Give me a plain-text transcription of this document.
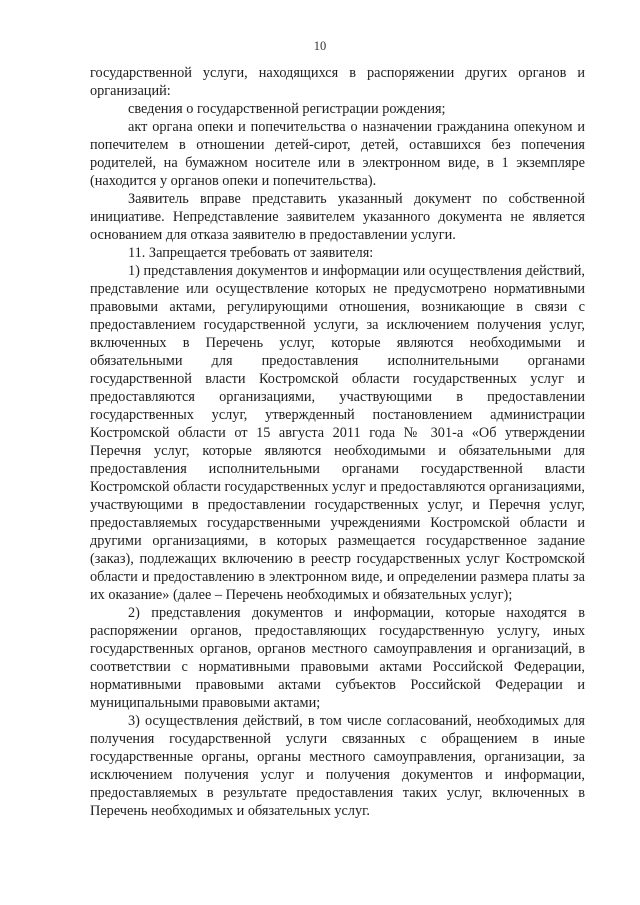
10

государственной услуги, находящихся в распоряжении других органов и организаций:

сведения о государственной регистрации рождения;

акт органа опеки и попечительства о назначении гражданина опекуном и попечителем в отношении детей-сирот, детей, оставшихся без попечения родителей, на бумажном носителе или в электронном виде, в 1 экземпляре (находится у органов опеки и попечительства).

Заявитель вправе представить указанный документ по собственной инициативе. Непредставление заявителем указанного документа не является основанием для отказа заявителю в предоставлении услуги.

11. Запрещается требовать от заявителя:

1) представления документов и информации или осуществления действий, представление или осуществление которых не предусмотрено нормативными правовыми актами, регулирующими отношения, возникающие в связи с предоставлением государственной услуги, за исключением получения услуг, включенных в Перечень услуг, которые являются необходимыми и обязательными для предоставления исполнительными органами государственной власти Костромской области государственных услуг и предоставляются организациями, участвующими в предоставлении государственных услуг, утвержденный постановлением администрации Костромской области от 15 августа 2011 года № 301-а «Об утверждении Перечня услуг, которые являются необходимыми и обязательными для предоставления исполнительными органами государственной власти Костромской области государственных услуг и предоставляются организациями, участвующими в предоставлении государственных услуг, и Перечня услуг, предоставляемых государственными учреждениями Костромской области и другими организациями, в которых размещается государственное задание (заказ), подлежащих включению в реестр государственных услуг Костромской области и предоставлению в электронном виде, и определении размера платы за их оказание» (далее – Перечень необходимых и обязательных услуг);

2) представления документов и информации, которые находятся в распоряжении органов, предоставляющих государственную услугу, иных государственных органов, органов местного самоуправления и организаций, в соответствии с нормативными правовыми актами Российской Федерации, нормативными правовыми актами субъектов Российской Федерации и муниципальными правовыми актами;

3) осуществления действий, в том числе согласований, необходимых для получения государственной услуги связанных с обращением в иные государственные органы, органы местного самоуправления, организации, за исключением получения услуг и получения документов и информации, предоставляемых в результате предоставления таких услуг, включенных в Перечень необходимых и обязательных услуг.
